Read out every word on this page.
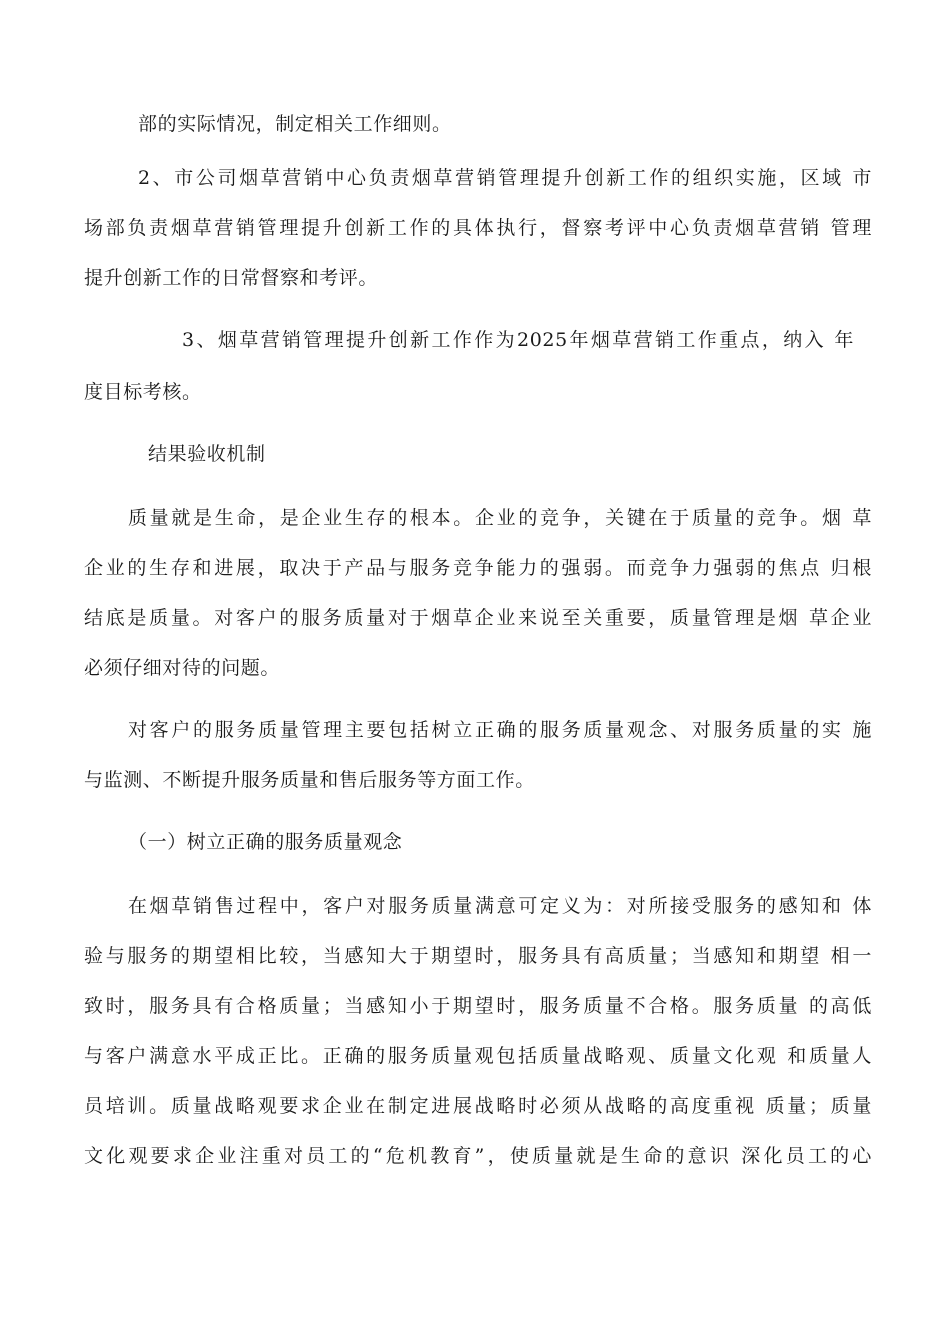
部的实际情况，制定相关工作细则。
2、市公司烟草营销中心负责烟草营销管理提升创新工作的组织实施，区域 市
场部负责烟草营销管理提升创新工作的具体执行，督察考评中心负责烟草营销 管理
提升创新工作的日常督察和考评。
3、烟草营销管理提升创新工作作为2025年烟草营销工作重点，纳入 年
度目标考核。
结果验收机制
质量就是生命，是企业生存的根本。企业的竞争，关键在于质量的竞争。烟 草
企业的生存和进展，取决于产品与服务竞争能力的强弱。而竞争力强弱的焦点 归根
结底是质量。对客户的服务质量对于烟草企业来说至关重要，质量管理是烟 草企业
必须仔细对待的问题。
对客户的服务质量管理主要包括树立正确的服务质量观念、对服务质量的实 施
与监测、不断提升服务质量和售后服务等方面工作。
（一）树立正确的服务质量观念
在烟草销售过程中，客户对服务质量满意可定义为：对所接受服务的感知和 体
验与服务的期望相比较，当感知大于期望时，服务具有高质量；当感知和期望 相一
致时，服务具有合格质量；当感知小于期望时，服务质量不合格。服务质量 的高低
与客户满意水平成正比。正确的服务质量观包括质量战略观、质量文化观 和质量人
员培训。质量战略观要求企业在制定进展战略时必须从战略的高度重视 质量；质量
文化观要求企业注重对员工的“危机教育”，使质量就是生命的意识 深化员工的心
